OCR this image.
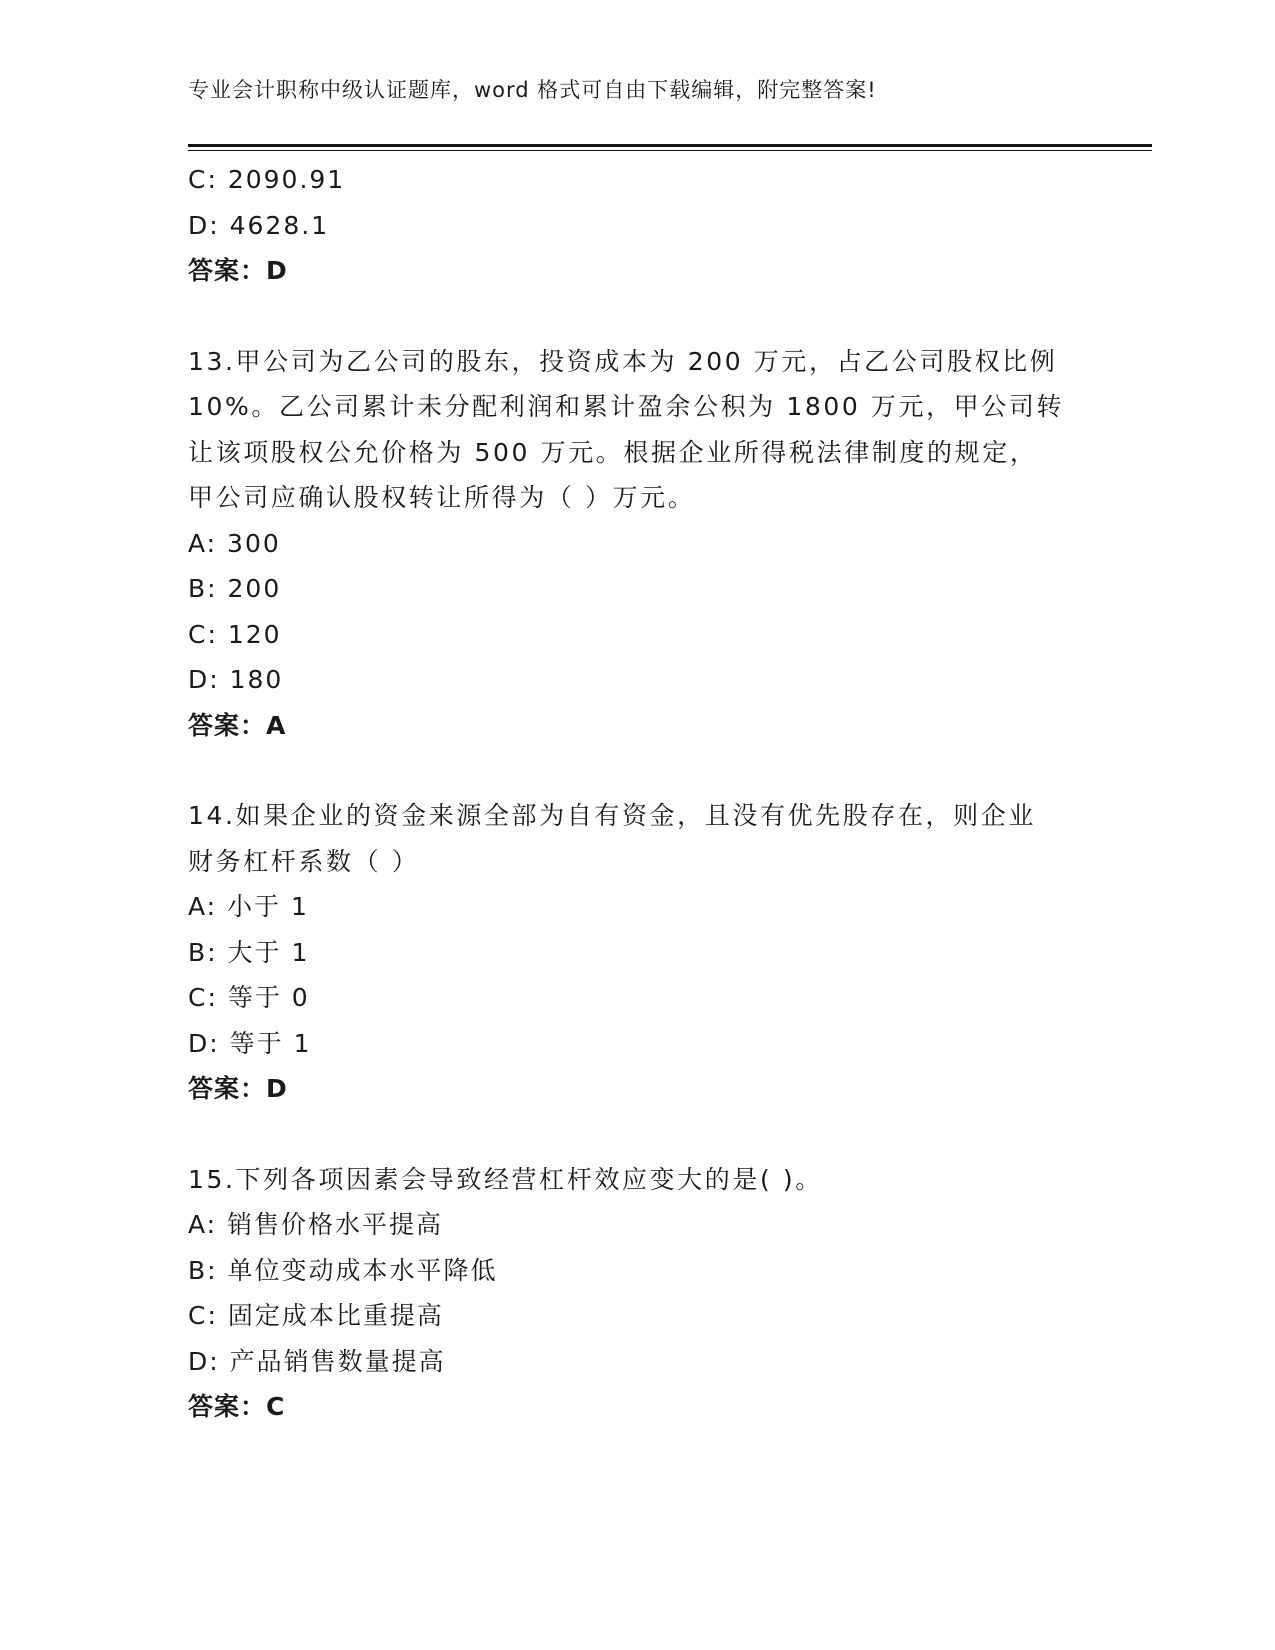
专业会计职称中级认证题库，word 格式可自由下载编辑，附完整答案!
C: 2090.91
D: 4628.1
答案：D
13.甲公司为乙公司的股东，投资成本为 200 万元，占乙公司股权比例
10%。乙公司累计未分配利润和累计盈余公积为 1800 万元，甲公司转
让该项股权公允价格为 500 万元。根据企业所得税法律制度的规定，
甲公司应确认股权转让所得为（ ）万元。
A: 300
B: 200
C: 120
D: 180
答案：A
14.如果企业的资金来源全部为自有资金，且没有优先股存在，则企业
财务杠杆系数（ ）
A: 小于 1
B: 大于 1
C: 等于 0
D: 等于 1
答案：D
15.下列各项因素会导致经营杠杆效应变大的是( )。
A: 销售价格水平提高
B: 单位变动成本水平降低
C: 固定成本比重提高
D: 产品销售数量提高
答案：C
